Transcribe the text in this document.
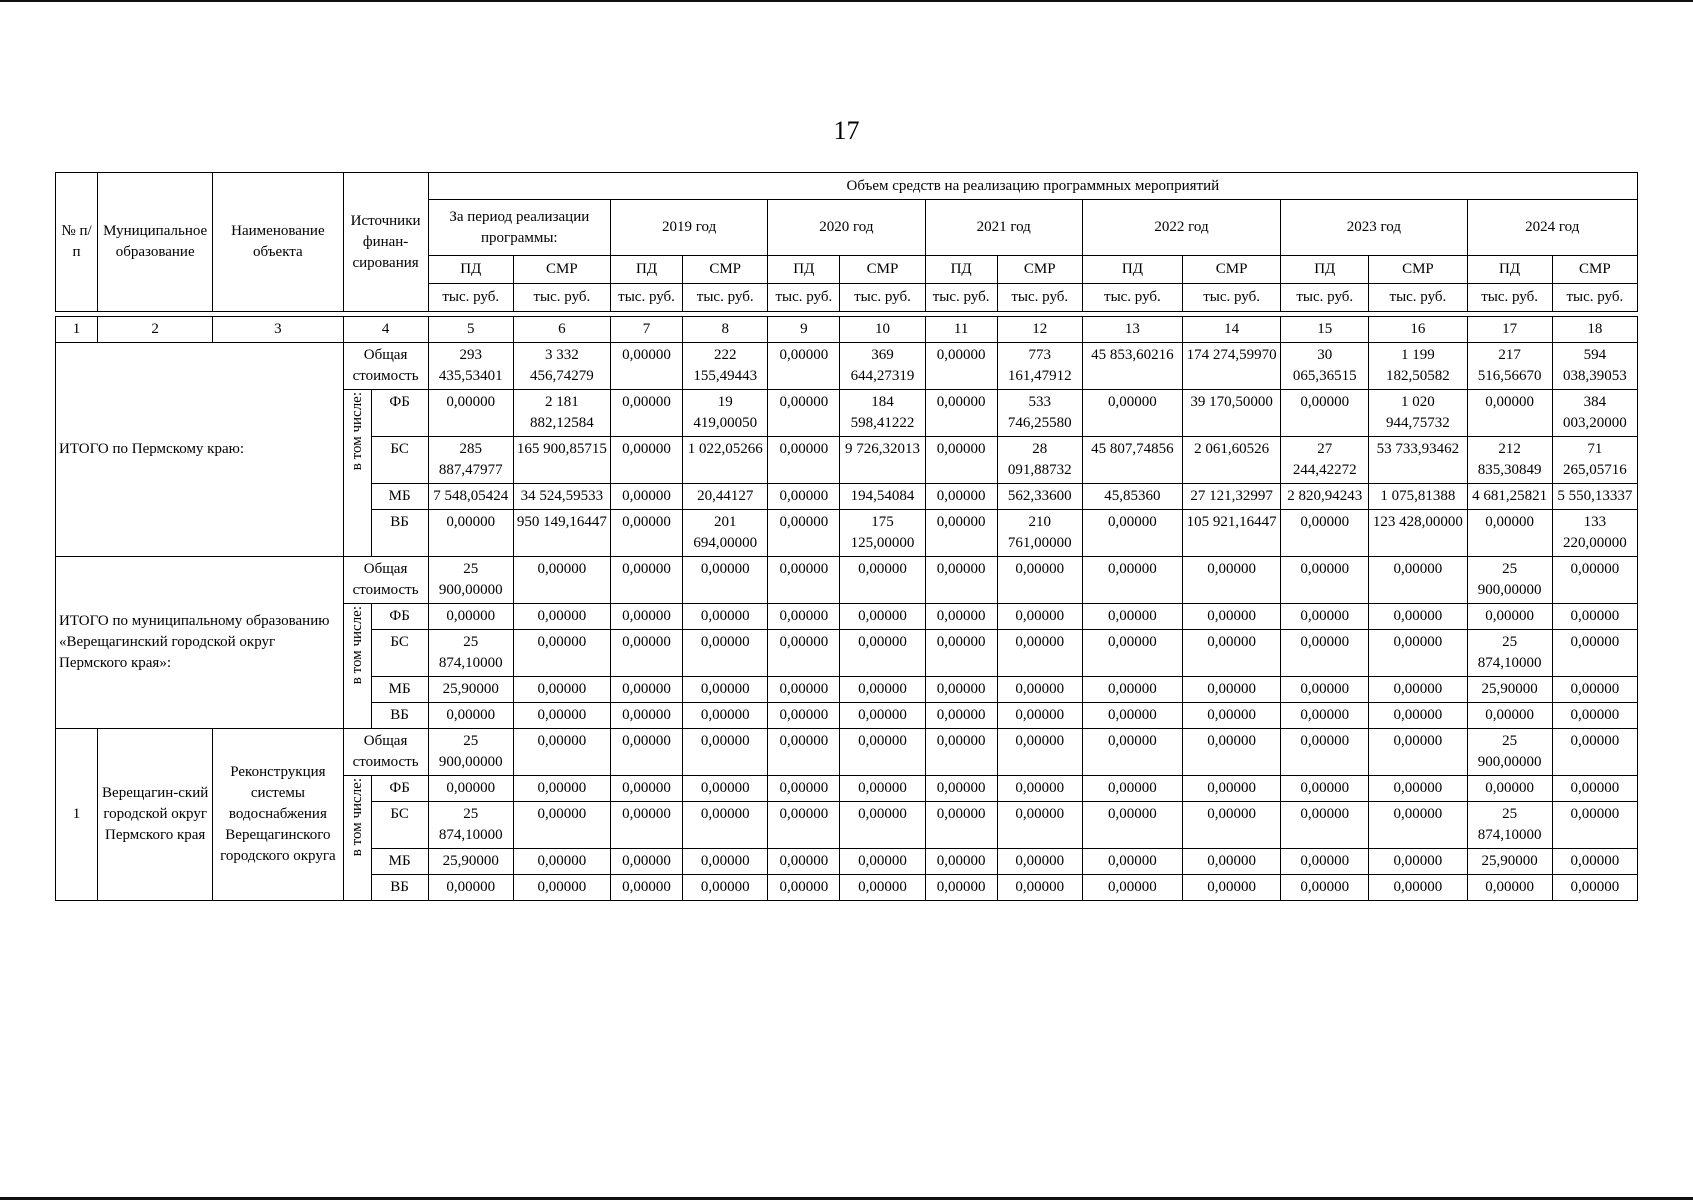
17
№ п/п	Муниципальное образование	Наименование объекта	Источники финан-сирования		Объем средств на реализацию программных мероприятий													
					За период реализации программы:		2019 год		2020 год		2021 год		2022 год		2023 год		2024 год	
					ПД	СМР	ПД	СМР	ПД	СМР	ПД	СМР	ПД	СМР	ПД	СМР	ПД	СМР
					тыс. руб.	тыс. руб.	тыс. руб.	тыс. руб.	тыс. руб.	тыс. руб.	тыс. руб.	тыс. руб.	тыс. руб.	тыс. руб.	тыс. руб.	тыс. руб.	тыс. руб.	тыс. руб.

1	2	3	4		5	6	7	8	9	10	11	12	13	14	15	16	17	18
ИТОГО по Пермскому краю:			Общая стоимость		293 435,53401	3 332 456,74279	0,00000	222 155,49443	0,00000	369 644,27319	0,00000	773 161,47912	45 853,60216	174 274,59970	30 065,36515	1 199 182,50582	217 516,56670	594 038,39053
			в том числе:	ФБ	0,00000	2 181 882,12584	0,00000	19 419,00050	0,00000	184 598,41222	0,00000	533 746,25580	0,00000	39 170,50000	0,00000	1 020 944,75732	0,00000	384 003,20000
				БС	285 887,47977	165 900,85715	0,00000	1 022,05266	0,00000	9 726,32013	0,00000	28 091,88732	45 807,74856	2 061,60526	27 244,42272	53 733,93462	212 835,30849	71 265,05716
				МБ	7 548,05424	34 524,59533	0,00000	20,44127	0,00000	194,54084	0,00000	562,33600	45,85360	27 121,32997	2 820,94243	1 075,81388	4 681,25821	5 550,13337
				ВБ	0,00000	950 149,16447	0,00000	201 694,00000	0,00000	175 125,00000	0,00000	210 761,00000	0,00000	105 921,16447	0,00000	123 428,00000	0,00000	133 220,00000
ИТОГО по муниципальному образованию «Верещагинский городской округ Пермского края»:			Общая стоимость		25 900,00000	0,00000	0,00000	0,00000	0,00000	0,00000	0,00000	0,00000	0,00000	0,00000	0,00000	0,00000	25 900,00000	0,00000
			в том числе:	ФБ	0,00000	0,00000	0,00000	0,00000	0,00000	0,00000	0,00000	0,00000	0,00000	0,00000	0,00000	0,00000	0,00000	0,00000
				БС	25 874,10000	0,00000	0,00000	0,00000	0,00000	0,00000	0,00000	0,00000	0,00000	0,00000	0,00000	0,00000	25 874,10000	0,00000
				МБ	25,90000	0,00000	0,00000	0,00000	0,00000	0,00000	0,00000	0,00000	0,00000	0,00000	0,00000	0,00000	25,90000	0,00000
				ВБ	0,00000	0,00000	0,00000	0,00000	0,00000	0,00000	0,00000	0,00000	0,00000	0,00000	0,00000	0,00000	0,00000	0,00000
1	Верещагин-ский городской округ Пермского края	Реконструкция системы водоснабжения Верещагинского городского округа	Общая стоимость		25 900,00000	0,00000	0,00000	0,00000	0,00000	0,00000	0,00000	0,00000	0,00000	0,00000	0,00000	0,00000	25 900,00000	0,00000
			в том числе:	ФБ	0,00000	0,00000	0,00000	0,00000	0,00000	0,00000	0,00000	0,00000	0,00000	0,00000	0,00000	0,00000	0,00000	0,00000
				БС	25 874,10000	0,00000	0,00000	0,00000	0,00000	0,00000	0,00000	0,00000	0,00000	0,00000	0,00000	0,00000	25 874,10000	0,00000
				МБ	25,90000	0,00000	0,00000	0,00000	0,00000	0,00000	0,00000	0,00000	0,00000	0,00000	0,00000	0,00000	25,90000	0,00000
				ВБ	0,00000	0,00000	0,00000	0,00000	0,00000	0,00000	0,00000	0,00000	0,00000	0,00000	0,00000	0,00000	0,00000	0,00000
